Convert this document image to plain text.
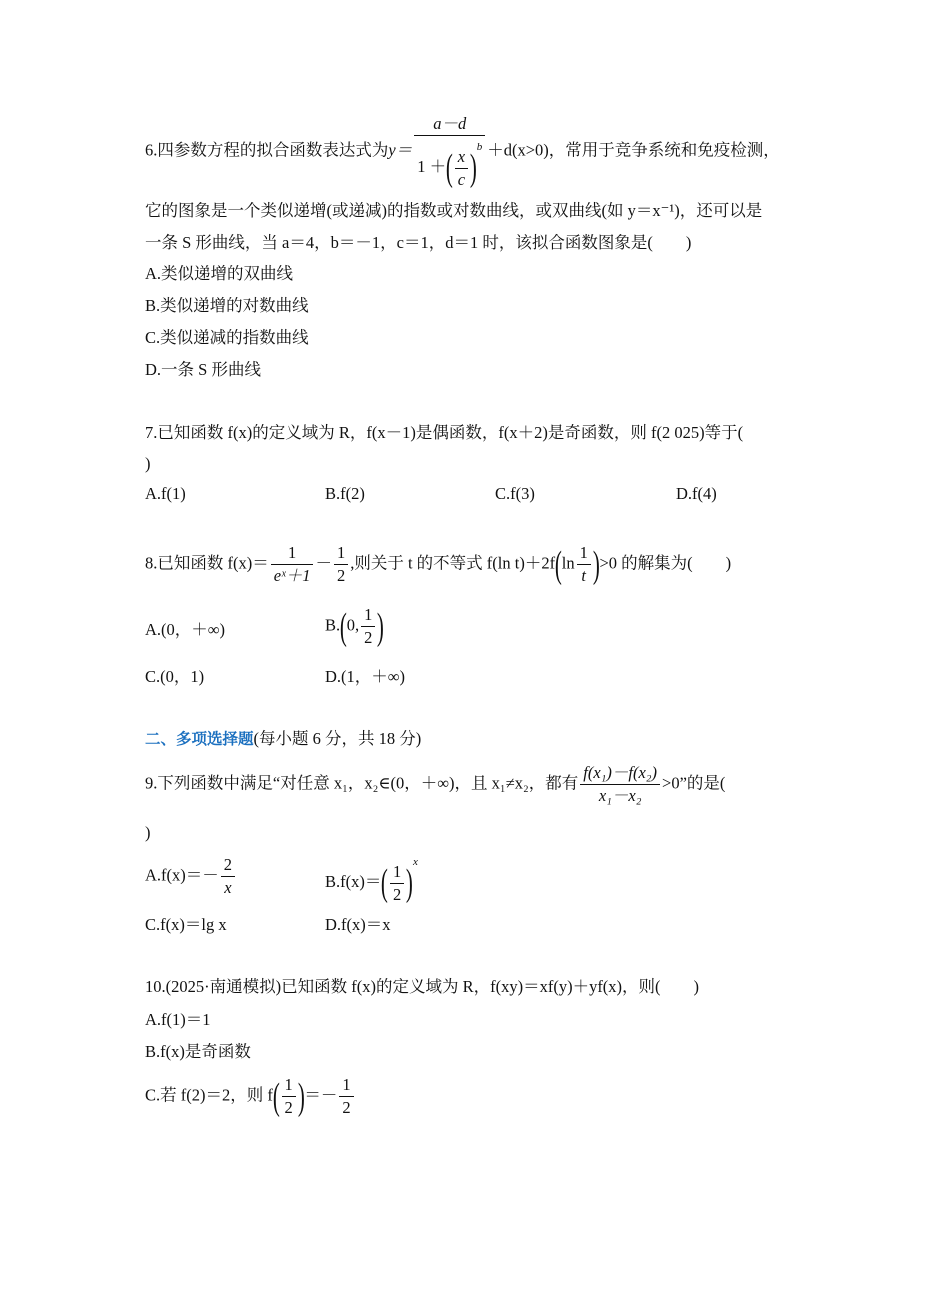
6.四参数方程的拟合函数表达式为$y= \frac{a-d}{1 +( \frac{x}{c} )^b} +d(x>0)$，常用于竞争系统和免疫检测，
它的图象是一个类似递增(或递减)的指数或对数曲线，或双曲线(如 y＝x⁻¹)，还可以是
一条 S 形曲线，当 a＝4，b＝－1，c＝1，d＝1 时，该拟合函数图象是(　　)
A.类似递增的双曲线
B.类似递增的对数曲线
C.类似递减的指数曲线
D.一条 S 形曲线
7.已知函数 f(x)的定义域为 R，f(x－1)是偶函数，f(x＋2)是奇函数，则 f(2 025)等于(
)
A.f(1)	B.f(2)	C.f(3)	D.f(4)
8.已知函数 $f(x)= \frac{1}{\text{eˣ＋1}} - \frac{1}{2}$ ,则关于 t 的不等式 f(ln $t)+2f(\ln \frac{1}{t} )>0$ 的解集为(　　)
A.(0，＋∞)	B.(0, $\frac{1}{2}$ )
C.(0，1)	D.(1，＋∞)
二、多项选择题(每小题 6 分，共 18 分)
9.下列函数中满足“对任意 x₁，x₂∈(0，＋∞)，且 x₁≠x₂，都有 $\frac{\text{f(x₁)－f(x₂)}}{\text{x₁－x₂}} >0$”的是(
)
$A.f(x)=- \frac{2}{x}$	$B.f(x)=( \frac{1}{2} )^x$
C.f(x)＝lg x	D.f(x)＝x
10.(2025·南通模拟)已知函数 f(x)的定义域为 R，f(xy)＝xf(y)＋yf(x)，则(　　)
A.f(1)＝1
B.f(x)是奇函数
C.若 f(2)＝2，则 $f( \frac{1}{2}$ )＝－ $\frac{1}{2}$
